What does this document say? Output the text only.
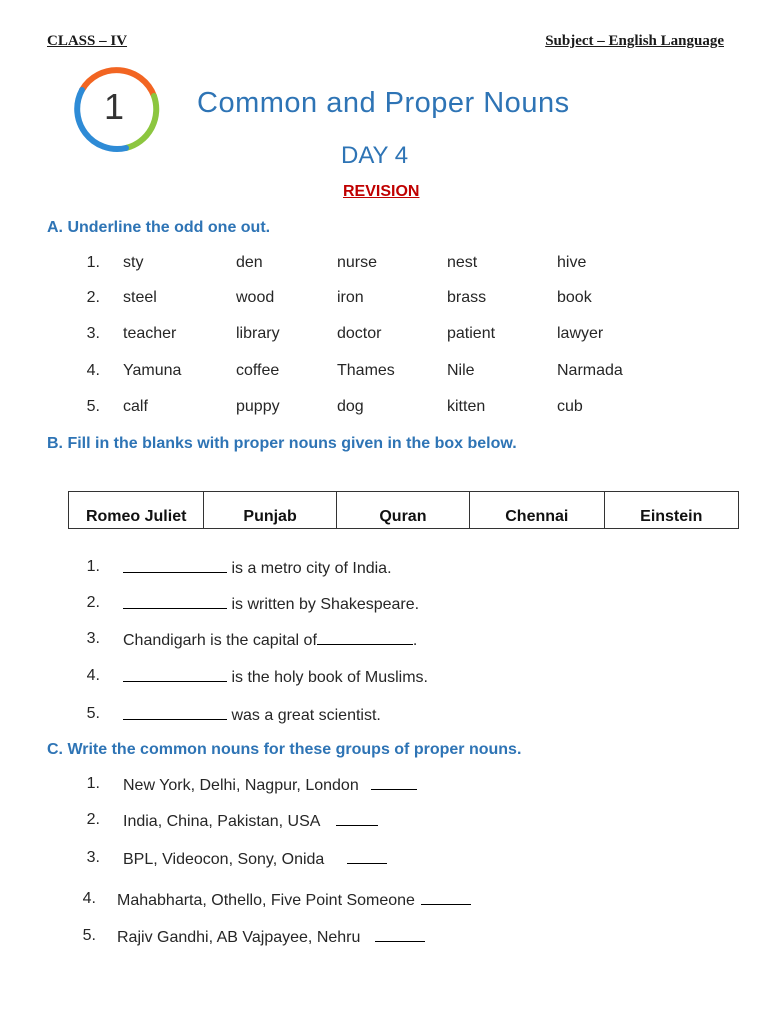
CLASS – IV	Subject – English Language
1	Common and Proper Nouns
DAY 4
REVISION
A. Underline the odd one out.
1. sty	den	nurse	nest	hive
2. steel	wood	iron	brass	book
3. teacher	library	doctor	patient	lawyer
4. Yamuna	coffee	Thames	Nile	Narmada
5. calf	puppy	dog	kitten	cub
B. Fill in the blanks with proper nouns given in the box below.
Romeo Juliet	Punjab	Quran	Chennai	Einstein
1.	is a metro city of India.
2.	is written by Shakespeare.
3. Chandigarh is the capital of	.
4.	is the holy book of Muslims.
5.	was a great scientist.
C. Write the common nouns for these groups of proper nouns.
1. New York, Delhi, Nagpur, London
2. India, China, Pakistan, USA
3. BPL, Videocon, Sony, Onida
4. Mahabharta, Othello, Five Point Someone
5. Rajiv Gandhi, AB Vajpayee, Nehru
